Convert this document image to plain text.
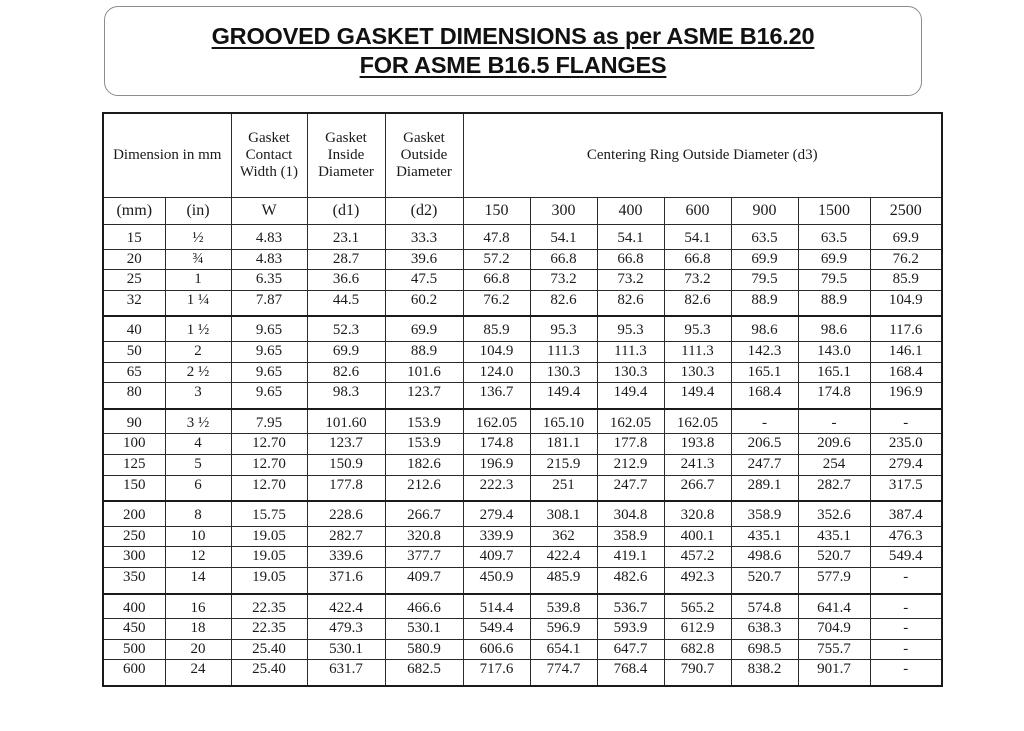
GROOVED GASKET DIMENSIONS as per ASME B16.20
FOR ASME B16.5 FLANGES
Dimension in mm		Gasket
Contact
Width (1)	Gasket
Inside
Diameter	Gasket
Outside
Diameter	Centering Ring Outside Diameter (d3)						
(mm)	(in)	W	(d1)	(d2)	150	300	400	600	900	1500	2500
15	½	4.83	23.1	33.3	47.8	54.1	54.1	54.1	63.5	63.5	69.9
20	¾	4.83	28.7	39.6	57.2	66.8	66.8	66.8	69.9	69.9	76.2
25	1	6.35	36.6	47.5	66.8	73.2	73.2	73.2	79.5	79.5	85.9
32	1 ¼	7.87	44.5	60.2	76.2	82.6	82.6	82.6	88.9	88.9	104.9
40	1 ½	9.65	52.3	69.9	85.9	95.3	95.3	95.3	98.6	98.6	117.6
50	2	9.65	69.9	88.9	104.9	111.3	111.3	111.3	142.3	143.0	146.1
65	2 ½	9.65	82.6	101.6	124.0	130.3	130.3	130.3	165.1	165.1	168.4
80	3	9.65	98.3	123.7	136.7	149.4	149.4	149.4	168.4	174.8	196.9
90	3 ½	7.95	101.60	153.9	162.05	165.10	162.05	162.05	-	-	-
100	4	12.70	123.7	153.9	174.8	181.1	177.8	193.8	206.5	209.6	235.0
125	5	12.70	150.9	182.6	196.9	215.9	212.9	241.3	247.7	254	279.4
150	6	12.70	177.8	212.6	222.3	251	247.7	266.7	289.1	282.7	317.5
200	8	15.75	228.6	266.7	279.4	308.1	304.8	320.8	358.9	352.6	387.4
250	10	19.05	282.7	320.8	339.9	362	358.9	400.1	435.1	435.1	476.3
300	12	19.05	339.6	377.7	409.7	422.4	419.1	457.2	498.6	520.7	549.4
350	14	19.05	371.6	409.7	450.9	485.9	482.6	492.3	520.7	577.9	-
400	16	22.35	422.4	466.6	514.4	539.8	536.7	565.2	574.8	641.4	-
450	18	22.35	479.3	530.1	549.4	596.9	593.9	612.9	638.3	704.9	-
500	20	25.40	530.1	580.9	606.6	654.1	647.7	682.8	698.5	755.7	-
600	24	25.40	631.7	682.5	717.6	774.7	768.4	790.7	838.2	901.7	-
